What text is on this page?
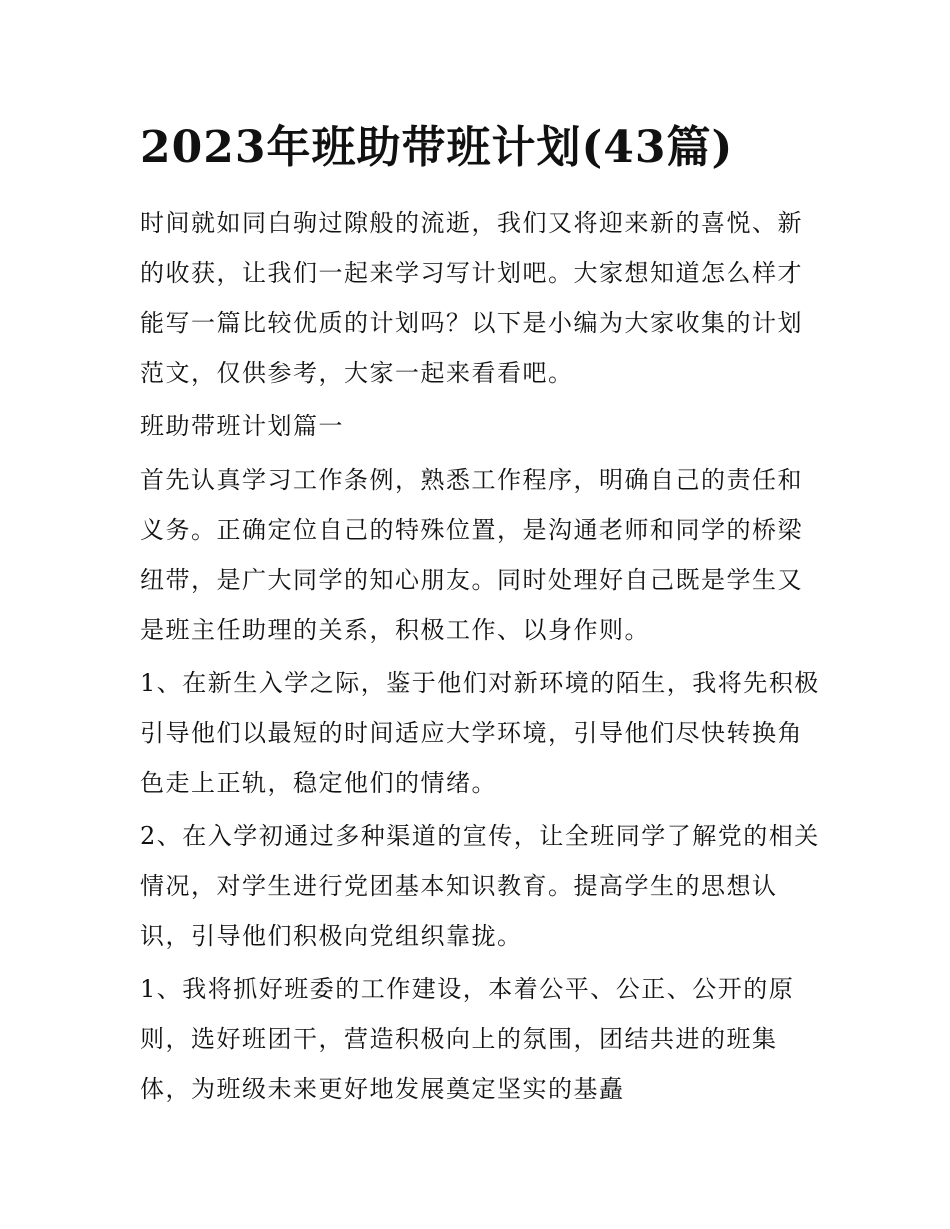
2023年班助带班计划(43篇)

时间就如同白驹过隙般的流逝，我们又将迎来新的喜悦、新的收获，让我们一起来学习写计划吧。大家想知道怎么样才能写一篇比较优质的计划吗？以下是小编为大家收集的计划范文，仅供参考，大家一起来看看吧。

班助带班计划篇一

首先认真学习工作条例，熟悉工作程序，明确自己的责任和义务。正确定位自己的特殊位置，是沟通老师和同学的桥梁纽带，是广大同学的知心朋友。同时处理好自己既是学生又是班主任助理的关系，积极工作、以身作则。

1、在新生入学之际，鉴于他们对新环境的陌生，我将先积极引导他们以最短的时间适应大学环境，引导他们尽快转换角色走上正轨，稳定他们的情绪。

2、在入学初通过多种渠道的宣传，让全班同学了解党的相关情况，对学生进行党团基本知识教育。提高学生的思想认识，引导他们积极向党组织靠拢。

1、我将抓好班委的工作建设，本着公平、公正、公开的原则，选好班团干，营造积极向上的氛围，团结共进的班集体，为班级未来更好地发展奠定坚实的基矗
